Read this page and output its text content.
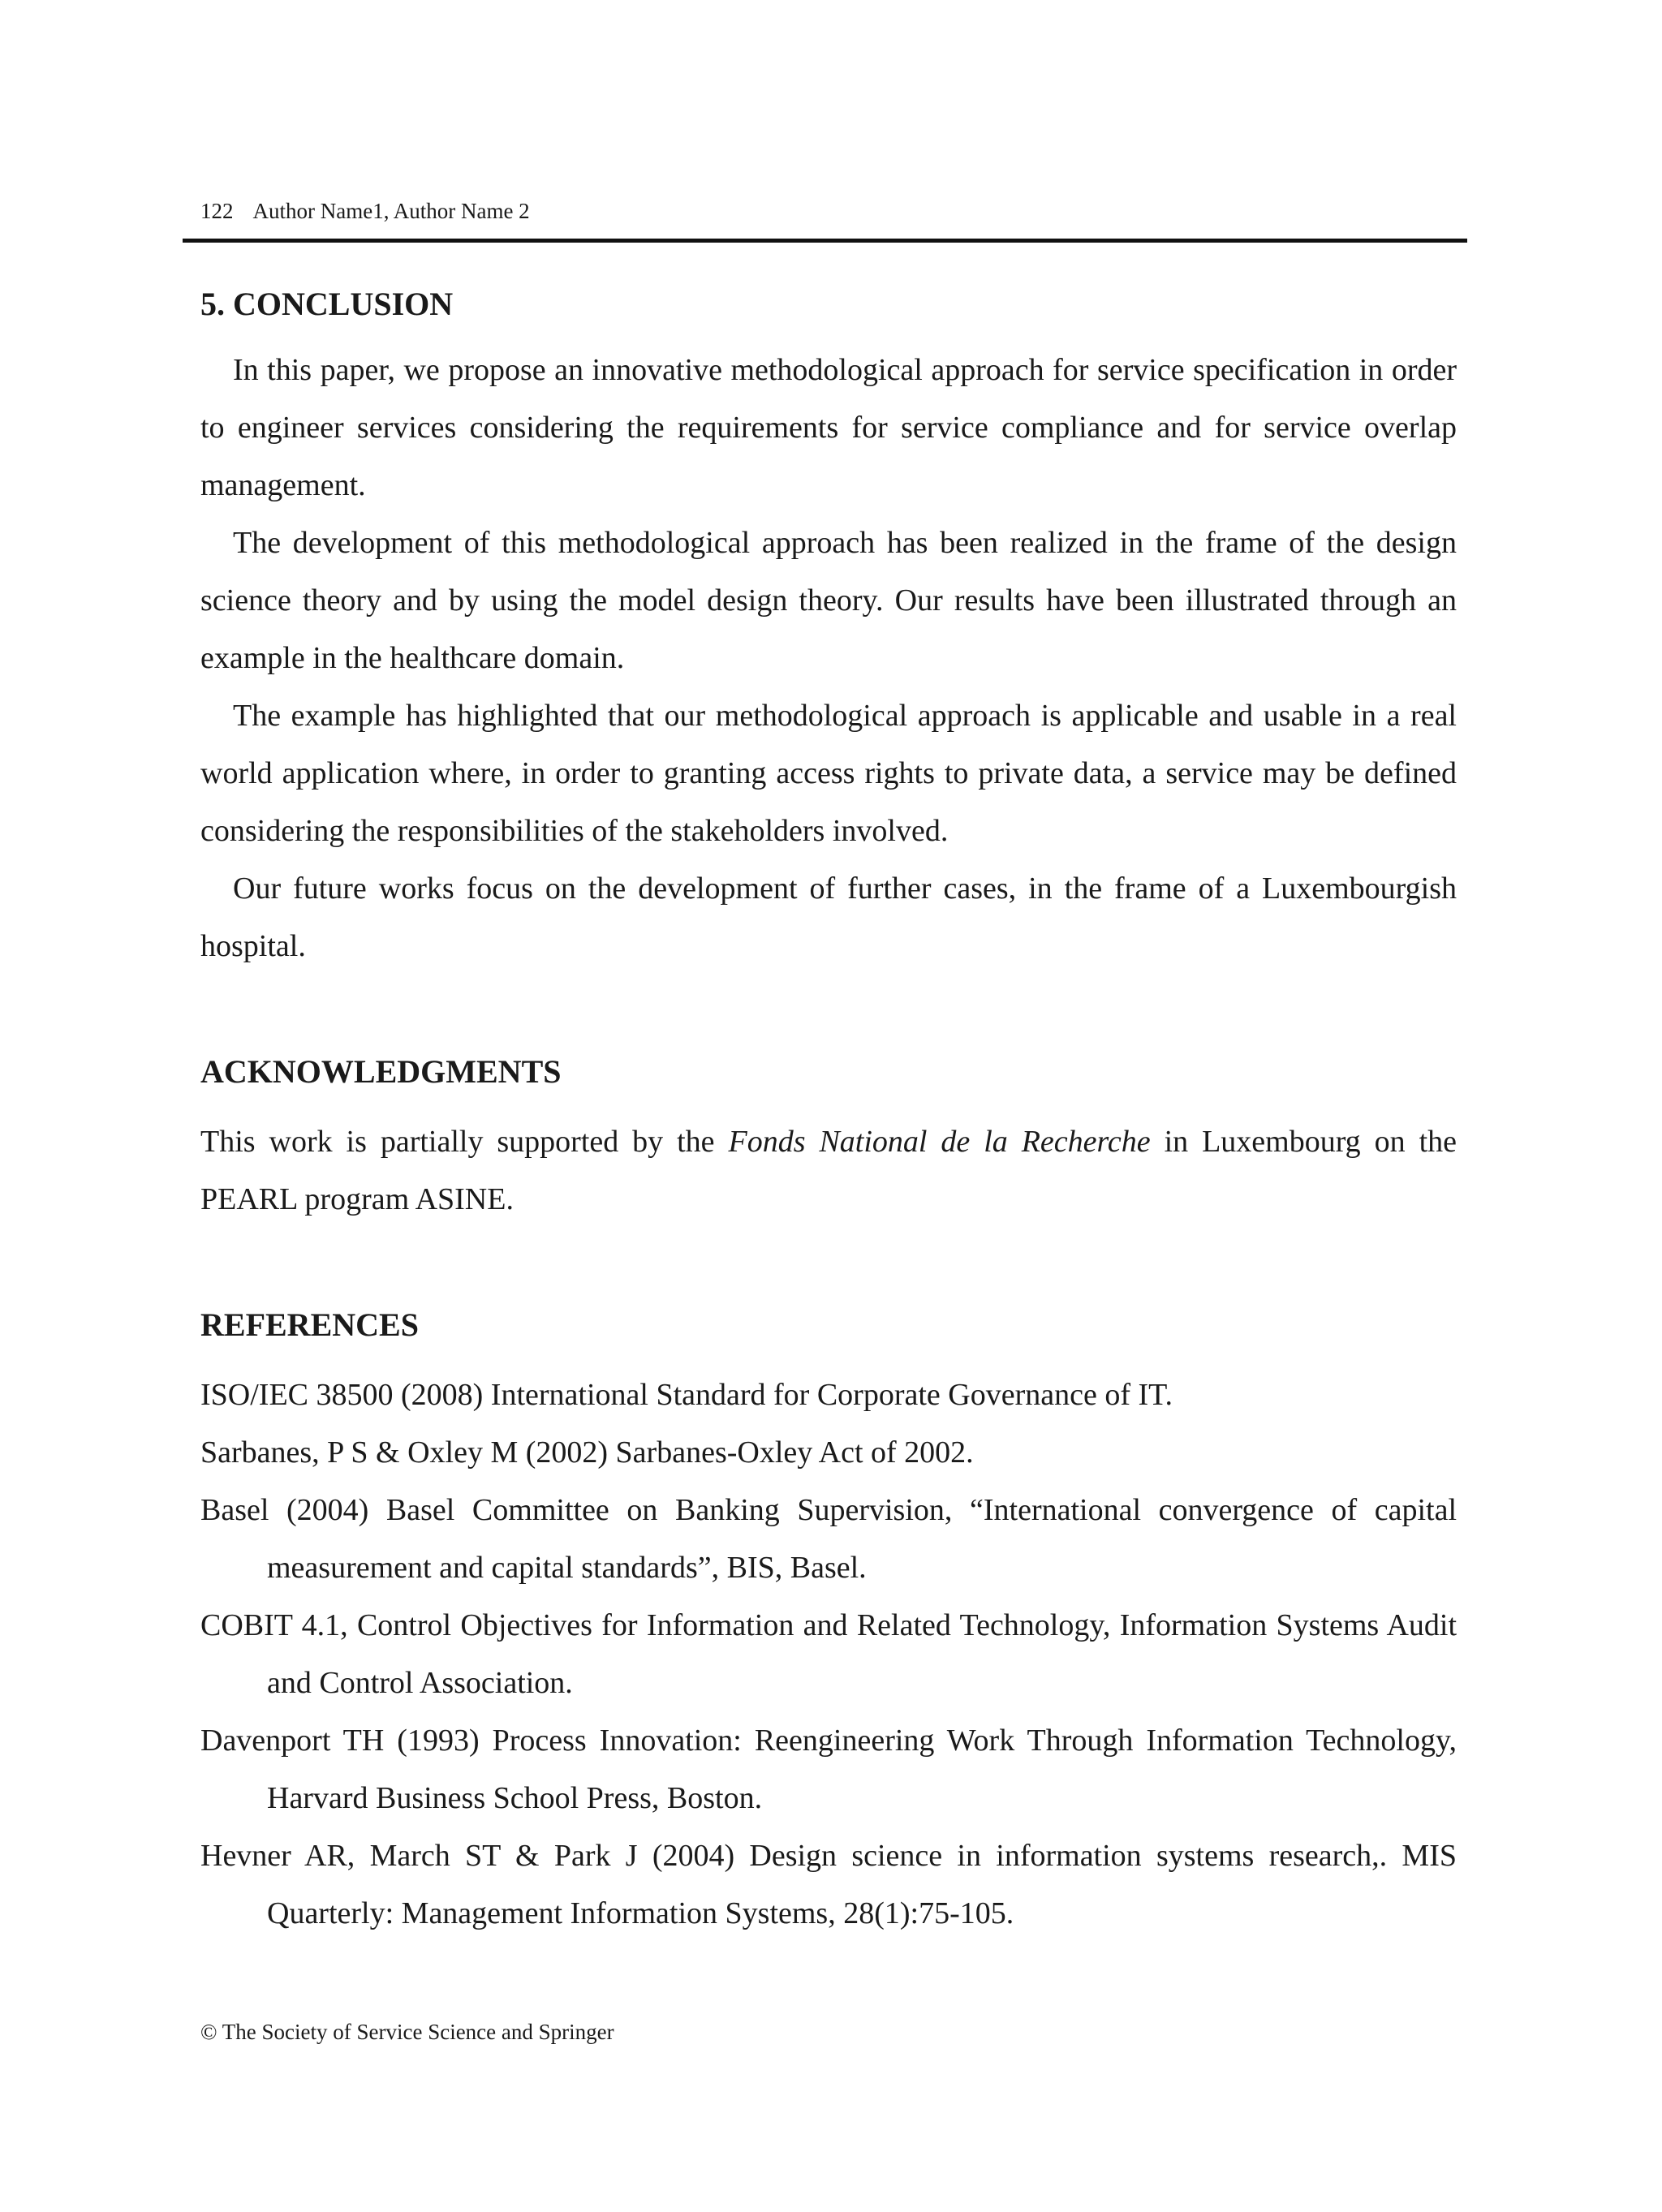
122 Author Name1, Author Name 2
5. CONCLUSION

In this paper, we propose an innovative methodological approach for service specification in order to engineer services considering the requirements for service compliance and for service overlap management.

The development of this methodological approach has been realized in the frame of the design science theory and by using the model design theory. Our results have been illustrated through an example in the healthcare domain.

The example has highlighted that our methodological approach is applicable and usable in a real world application where, in order to granting access rights to private data, a service may be defined considering the responsibilities of the stakeholders involved.

Our future works focus on the development of further cases, in the frame of a Luxembourgish hospital.

ACKNOWLEDGMENTS

This work is partially supported by the Fonds National de la Recherche in Luxembourg on the PEARL program ASINE.

REFERENCES

ISO/IEC 38500 (2008) International Standard for Corporate Governance of IT.

Sarbanes, P S & Oxley M (2002) Sarbanes-Oxley Act of 2002.

Basel (2004) Basel Committee on Banking Supervision, “International convergence of capital measurement and capital standards”, BIS, Basel.

COBIT 4.1, Control Objectives for Information and Related Technology, Information Systems Audit and Control Association.

Davenport TH (1993) Process Innovation: Reengineering Work Through Information Technology, Harvard Business School Press, Boston.

Hevner AR, March ST & Park J (2004) Design science in information systems research,. MIS Quarterly: Management Information Systems, 28(1):75-105.

© The Society of Service Science and Springer
